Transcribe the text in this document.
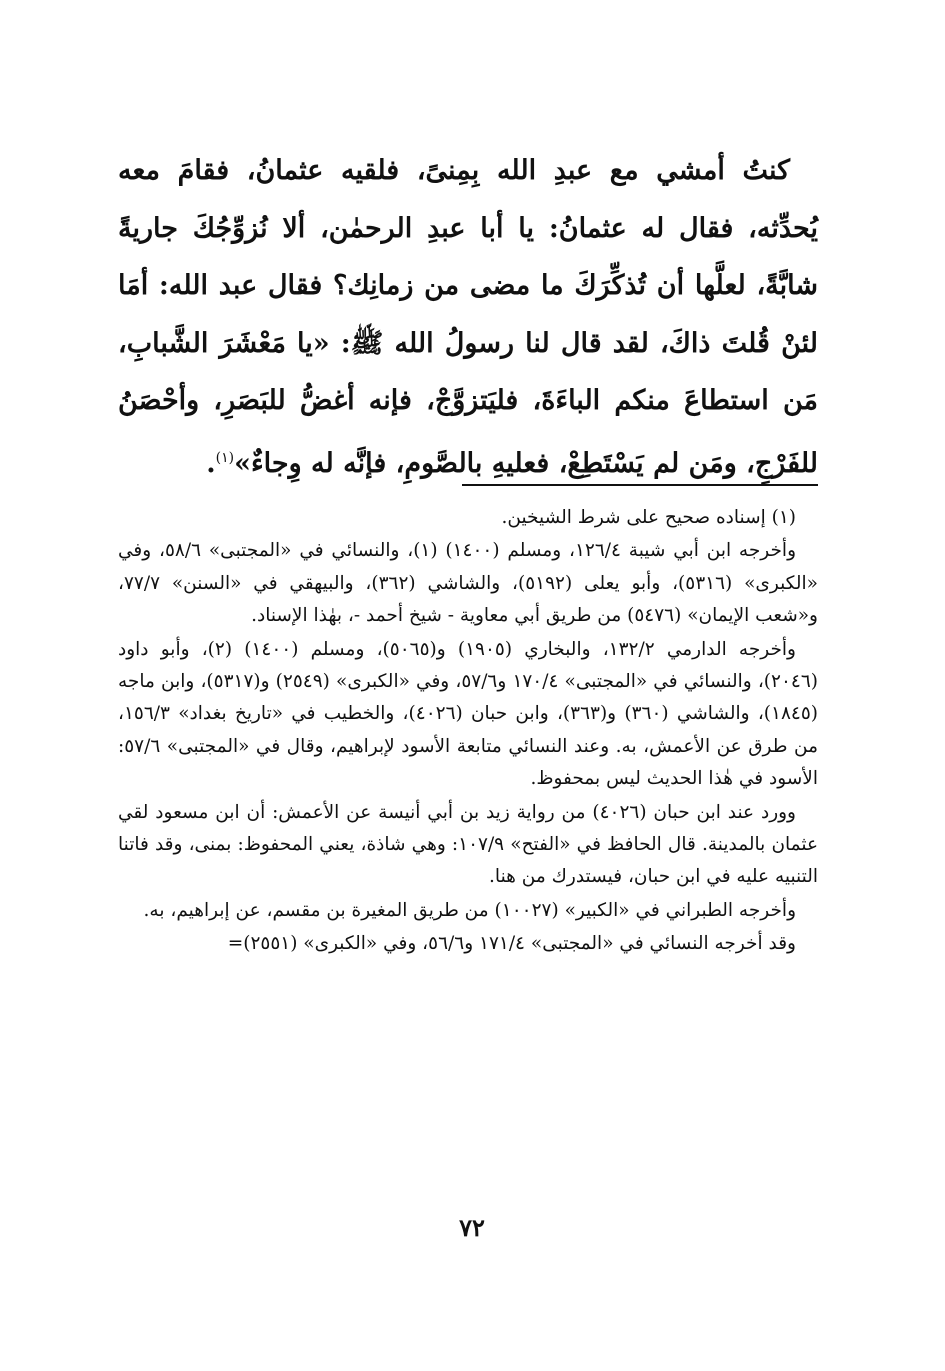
كنتُ أمشي مع عبدِ الله بِمِنىً، فلقيه عثمانُ، فقامَ معه يُحدِّثه، فقال له عثمانُ: يا أبا عبدِ الرحمٰن، ألا نُزوِّجُكَ جاريةً شابَّةً، لعلَّها أن تُذكِّرَكَ ما مضى من زمانِك؟ فقال عبد الله: أمَا لئنْ قُلتَ ذاكَ، لقد قال لنا رسولُ الله ﷺ: «يا مَعْشَرَ الشَّبابِ، مَن استطاعَ منكم الباءَةَ، فليَتزوَّجْ، فإنه أغضُّ للبَصَرِ، وأحْصَنُ للفَرْجِ، ومَن لم يَسْتَطِعْ، فعليهِ بالصَّومِ، فإنَّه له وِجاءٌ»$^{(١)}$.

(١) إسناده صحيح على شرط الشيخين.

وأخرجه ابن أبي شيبة ١٢٦/٤، ومسلم (١٤٠٠) (١)، والنسائي في «المجتبى» ٥٨/٦، وفي «الكبرى» (٥٣١٦)، وأبو يعلى (٥١٩٢)، والشاشي (٣٦٢)، والبيهقي في «السنن» ٧٧/٧، و«شعب الإيمان» (٥٤٧٦) من طريق أبي معاوية - شيخ أحمد -، بهٰذا الإسناد.

وأخرجه الدارمي ١٣٢/٢، والبخاري (١٩٠٥) و(٥٠٦٥)، ومسلم (١٤٠٠) (٢)، وأبو داود (٢٠٤٦)، والنسائي في «المجتبى» ١٧٠/٤ و٥٧/٦، وفي «الكبرى» (٢٥٤٩) و(٥٣١٧)، وابن ماجه (١٨٤٥)، والشاشي (٣٦٠) و(٣٦٣)، وابن حبان (٤٠٢٦)، والخطيب في «تاريخ بغداد» ١٥٦/٣، من طرق عن الأعمش، به. وعند النسائي متابعة الأسود لإبراهيم، وقال في «المجتبى» ٥٧/٦: الأسود في هٰذا الحديث ليس بمحفوظ.

وورد عند ابن حبان (٤٠٢٦) من رواية زيد بن أبي أنيسة عن الأعمش: أن ابن مسعود لقي عثمان بالمدينة. قال الحافظ في «الفتح» ١٠٧/٩: وهي شاذة، يعني المحفوظ: بمنى، وقد فاتنا التنبيه عليه في ابن حبان، فيستدرك من هنا.

وأخرجه الطبراني في «الكبير» (١٠٠٢٧) من طريق المغيرة بن مقسم، عن إبراهيم، به.

وقد أخرجه النسائي في «المجتبى» ١٧١/٤ و٥٦/٦، وفي «الكبرى» (٢٥٥١)=

٧٢
